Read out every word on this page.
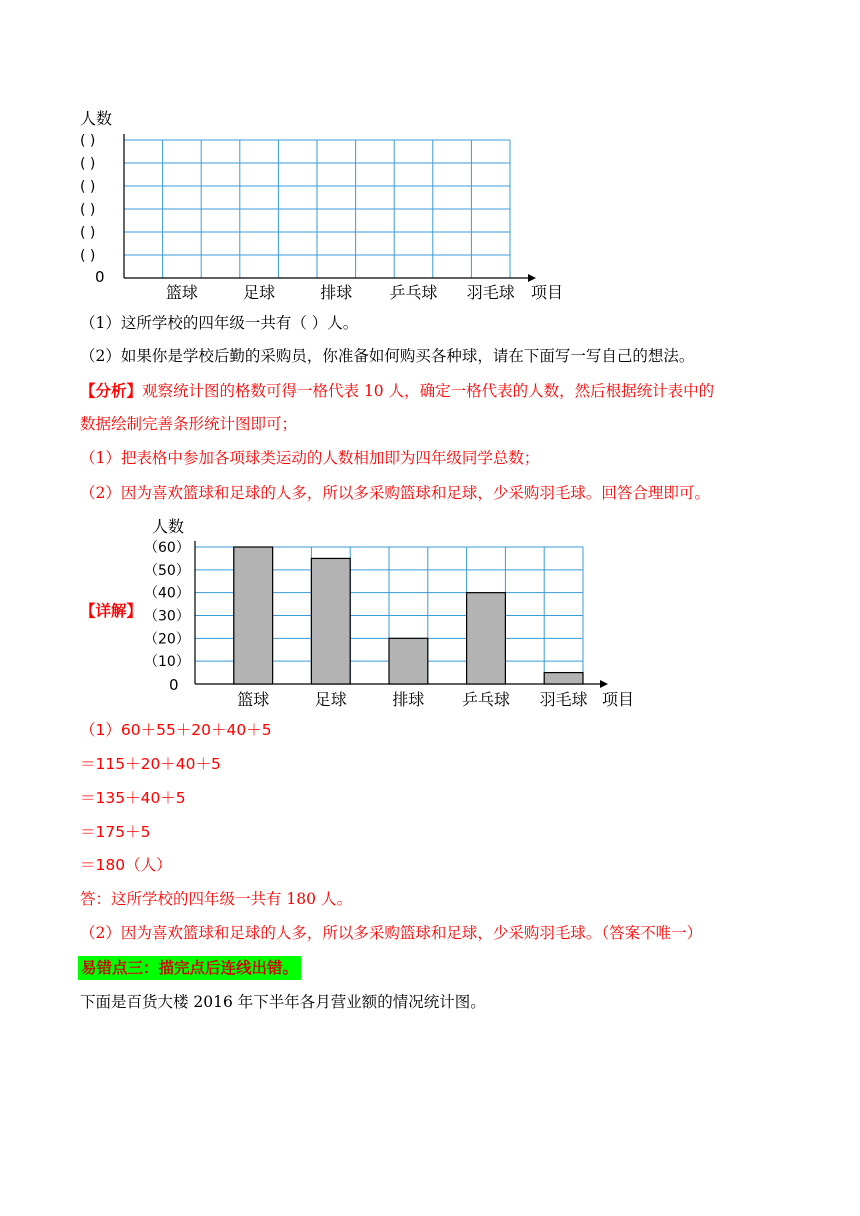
人数
( )
( )
( )
( )
( )
( )
0
篮球	足球	排球 乒乓球 羽毛球 项目
（1）这所学校的四年级一共有（ ）人。
（2）如果你是学校后勤的采购员，你准备如何购买各种球，请在下面写一写自己的想法。
【分析】观察统计图的格数可得一格代表 10 人，确定一格代表的人数，然后根据统计表中的
数据绘制完善条形统计图即可；
（1）把表格中参加各项球类运动的人数相加即为四年级同学总数；
（2）因为喜欢篮球和足球的人多，所以多采购篮球和足球，少采购羽毛球。回答合理即可。
【详解】
人数
（60）
（50）
（40）
（30）
（20）
（10）
0
篮球	足球	排球 乒乓球 羽毛球 项目
（1）60＋55＋20＋40＋5
＝115＋20＋40＋5
＝135＋40＋5
＝175＋5
＝180（人）
答：这所学校的四年级一共有 180 人。
（2）因为喜欢篮球和足球的人多，所以多采购篮球和足球，少采购羽毛球。（答案不唯一）
易错点三：描完点后连线出错。
下面是百货大楼 2016 年下半年各月营业额的情况统计图。
